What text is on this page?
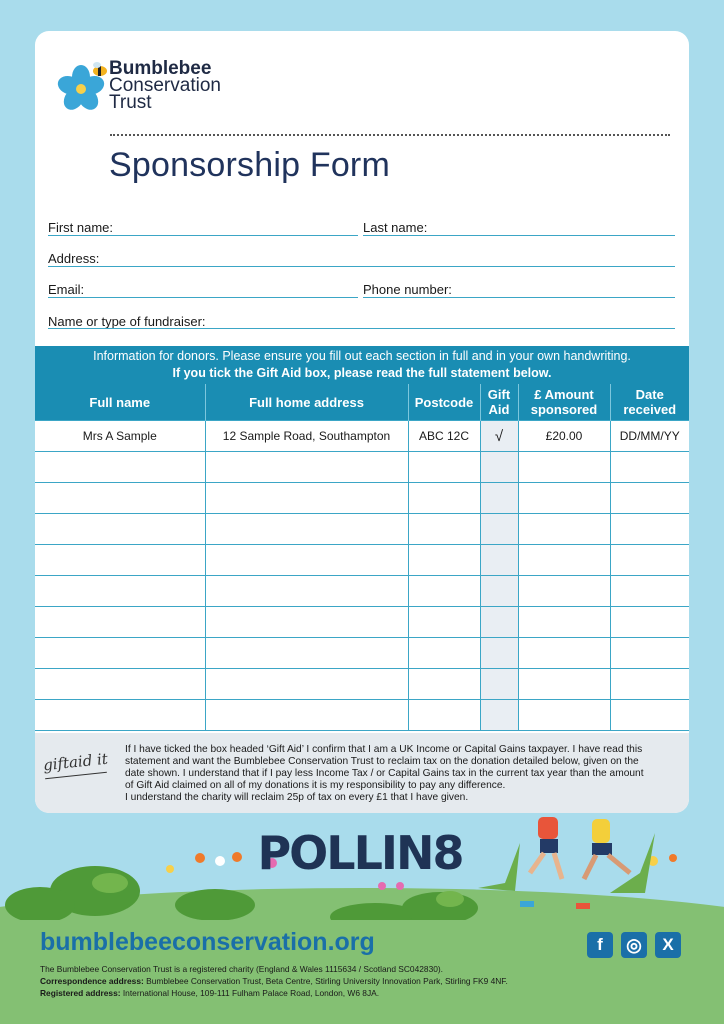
Bumblebee
Conservation
Trust
Sponsorship Form
First name:	Last name:
Address:
Email:	Phone number:
Name or type of fundraiser:
Information for donors. Please ensure you fill out each section in full and in your own handwriting.
If you tick the Gift Aid box, please read the full statement below.
Full name	Full home address	Postcode	Gift Aid	£ Amount sponsored	Date received
Mrs A Sample	12 Sample Road, Southampton	ABC 12C	√	£20.00	DD/MM/YY

giftaid it
If I have ticked the box headed ‘Gift Aid’ I confirm that I am a UK Income or Capital Gains taxpayer. I have read this
statement and want the Bumblebee Conservation Trust to reclaim tax on the donation detailed below, given on the
date shown. I understand that if I pay less Income Tax / or Capital Gains tax in the current tax year than the amount
of Gift Aid claimed on all of my donations it is my responsibility to pay any difference.
I understand the charity will reclaim 25p of tax on every £1 that I have given.
POLLIN8
bumblebeeconservation.org	f	◎	X
The Bumblebee Conservation Trust is a registered charity (England & Wales 1115634 / Scotland SC042830).
Correspondence address: Bumblebee Conservation Trust, Beta Centre, Stirling University Innovation Park, Stirling FK9 4NF.
Registered address: International House, 109-111 Fulham Palace Road, London, W6 8JA.
